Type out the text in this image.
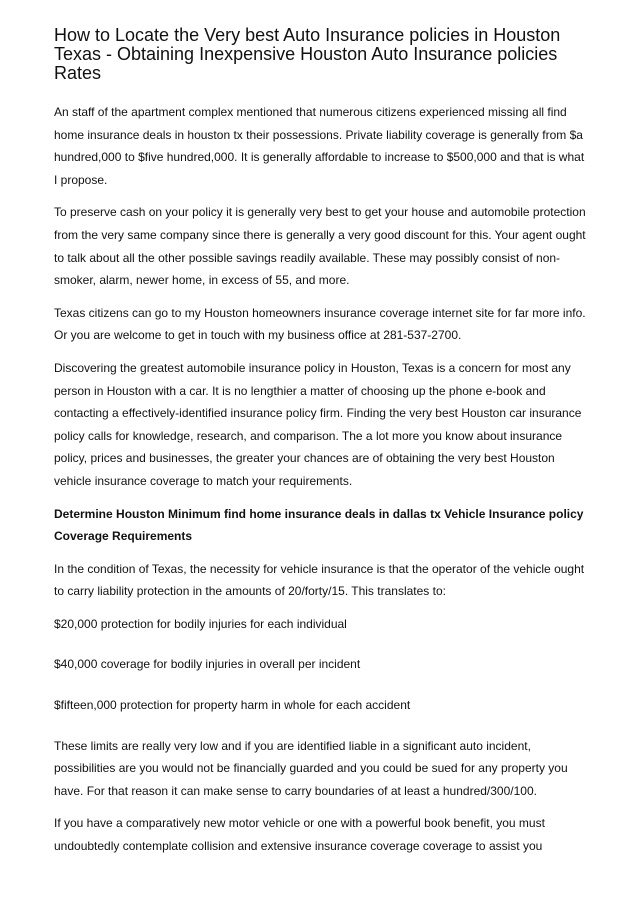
How to Locate the Very best Auto Insurance policies in Houston Texas - Obtaining Inexpensive Houston Auto Insurance policies Rates

An staff of the apartment complex mentioned that numerous citizens experienced missing all find home insurance deals in houston tx their possessions. Private liability coverage is generally from $a hundred,000 to $five hundred,000. It is generally affordable to increase to $500,000 and that is what I propose.

To preserve cash on your policy it is generally very best to get your house and automobile protection from the very same company since there is generally a very good discount for this. Your agent ought to talk about all the other possible savings readily available. These may possibly consist of non-smoker, alarm, newer home, in excess of 55, and more.

Texas citizens can go to my Houston homeowners insurance coverage internet site for far more info. Or you are welcome to get in touch with my business office at 281-537-2700.

Discovering the greatest automobile insurance policy in Houston, Texas is a concern for most any person in Houston with a car. It is no lengthier a matter of choosing up the phone e-book and contacting a effectively-identified insurance policy firm. Finding the very best Houston car insurance policy calls for knowledge, research, and comparison. The a lot more you know about insurance policy, prices and businesses, the greater your chances are of obtaining the very best Houston vehicle insurance coverage to match your requirements.

Determine Houston Minimum find home insurance deals in dallas tx Vehicle Insurance policy Coverage Requirements

In the condition of Texas, the necessity for vehicle insurance is that the operator of the vehicle ought to carry liability protection in the amounts of 20/forty/15. This translates to:

$20,000 protection for bodily injuries for each individual

$40,000 coverage for bodily injuries in overall per incident

$fifteen,000 protection for property harm in whole for each accident

These limits are really very low and if you are identified liable in a significant auto incident, possibilities are you would not be financially guarded and you could be sued for any property you have. For that reason it can make sense to carry boundaries of at least a hundred/300/100.

If you have a comparatively new motor vehicle or one with a powerful book benefit, you must undoubtedly contemplate collision and extensive insurance coverage coverage to assist you
